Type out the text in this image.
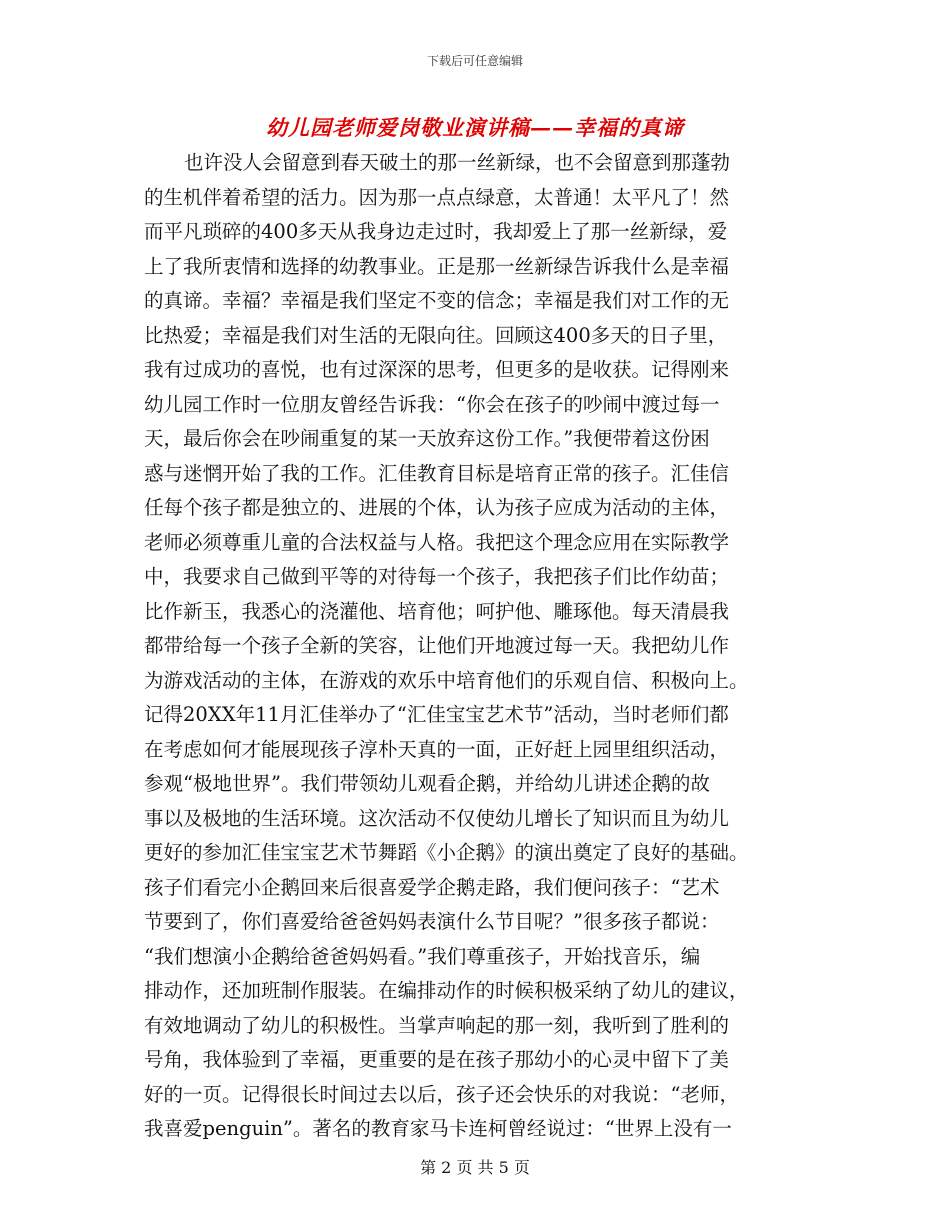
下载后可任意编辑
幼儿园老师爱岗敬业演讲稿——幸福的真谛
也许没人会留意到春天破土的那一丝新绿，也不会留意到那蓬勃
的生机伴着希望的活力。因为那一点点绿意，太普通！太平凡了！然
而平凡琐碎的400多天从我身边走过时，我却爱上了那一丝新绿，爱
上了我所衷情和选择的幼教事业。正是那一丝新绿告诉我什么是幸福
的真谛。幸福？幸福是我们坚定不变的信念；幸福是我们对工作的无
比热爱；幸福是我们对生活的无限向往。回顾这400多天的日子里，
我有过成功的喜悦，也有过深深的思考，但更多的是收获。记得刚来
幼儿园工作时一位朋友曾经告诉我：“你会在孩子的吵闹中渡过每一
天，最后你会在吵闹重复的某一天放弃这份工作。”我便带着这份困
惑与迷惘开始了我的工作。汇佳教育目标是培育正常的孩子。汇佳信
任每个孩子都是独立的、进展的个体，认为孩子应成为活动的主体，
老师必须尊重儿童的合法权益与人格。我把这个理念应用在实际教学
中，我要求自己做到平等的对待每一个孩子，我把孩子们比作幼苗；
比作新玉，我悉心的浇灌他、培育他；呵护他、雕琢他。每天清晨我
都带给每一个孩子全新的笑容，让他们开地渡过每一天。我把幼儿作
为游戏活动的主体，在游戏的欢乐中培育他们的乐观自信、积极向上。
记得20XX年11月汇佳举办了“汇佳宝宝艺术节”活动，当时老师们都
在考虑如何才能展现孩子淳朴天真的一面，正好赶上园里组织活动，
参观“极地世界”。我们带领幼儿观看企鹅，并给幼儿讲述企鹅的故
事以及极地的生活环境。这次活动不仅使幼儿增长了知识而且为幼儿
更好的参加汇佳宝宝艺术节舞蹈《小企鹅》的演出奠定了良好的基础。
孩子们看完小企鹅回来后很喜爱学企鹅走路，我们便问孩子：“艺术
节要到了，你们喜爱给爸爸妈妈表演什么节目呢？”很多孩子都说：
“我们想演小企鹅给爸爸妈妈看。”我们尊重孩子，开始找音乐，编
排动作，还加班制作服装。在编排动作的时候积极采纳了幼儿的建议，
有效地调动了幼儿的积极性。当掌声响起的那一刻，我听到了胜利的
号角，我体验到了幸福，更重要的是在孩子那幼小的心灵中留下了美
好的一页。记得很长时间过去以后，孩子还会快乐的对我说：“老师，
我喜爱penguin”。著名的教育家马卡连柯曾经说过：“世界上没有一
第 2 页 共 5 页
